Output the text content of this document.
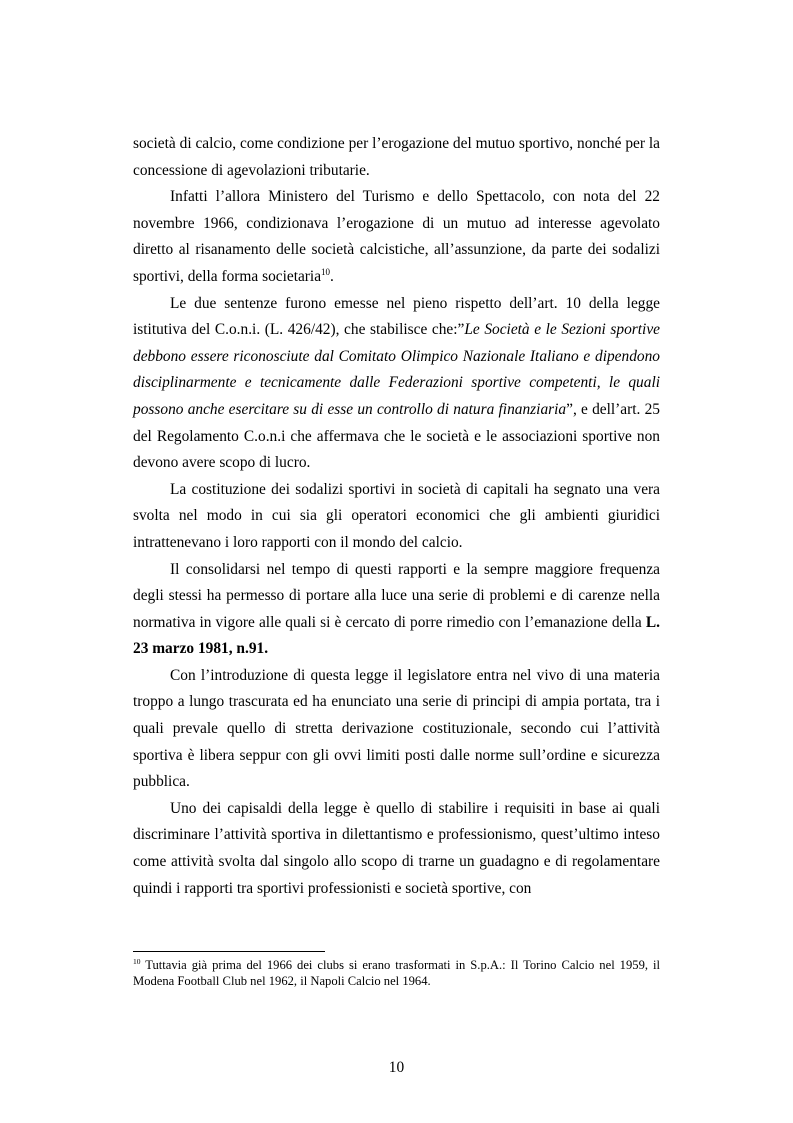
società di calcio, come condizione per l’erogazione del mutuo sportivo, nonché per la concessione di agevolazioni tributarie.

Infatti l’allora Ministero del Turismo e dello Spettacolo, con nota del 22 novembre 1966, condizionava l’erogazione di un mutuo ad interesse agevolato diretto al risanamento delle società calcistiche, all’assunzione, da parte dei sodalizi sportivi, della forma societaria$^{10}$.

Le due sentenze furono emesse nel pieno rispetto dell’art. 10 della legge istitutiva del C.o.n.i. (L. 426/42), che stabilisce che:”Le Società e le Sezioni sportive debbono essere riconosciute dal Comitato Olimpico Nazionale Italiano e dipendono disciplinarmente e tecnicamente dalle Federazioni sportive competenti, le quali possono anche esercitare su di esse un controllo di natura finanziaria”, e dell’art. 25 del Regolamento C.o.n.i che affermava che le società e le associazioni sportive non devono avere scopo di lucro.

La costituzione dei sodalizi sportivi in società di capitali ha segnato una vera svolta nel modo in cui sia gli operatori economici che gli ambienti giuridici intrattenevano i loro rapporti con il mondo del calcio.

Il consolidarsi nel tempo di questi rapporti e la sempre maggiore frequenza degli stessi ha permesso di portare alla luce una serie di problemi e di carenze nella normativa in vigore alle quali si è cercato di porre rimedio con l’emanazione della L. 23 marzo 1981, n.91.

Con l’introduzione di questa legge il legislatore entra nel vivo di una materia troppo a lungo trascurata ed ha enunciato una serie di principi di ampia portata, tra i quali prevale quello di stretta derivazione costituzionale, secondo cui l’attività sportiva è libera seppur con gli ovvi limiti posti dalle norme sull’ordine e sicurezza pubblica.

Uno dei capisaldi della legge è quello di stabilire i requisiti in base ai quali discriminare l’attività sportiva in dilettantismo e professionismo, quest’ultimo inteso come attività svolta dal singolo allo scopo di trarne un guadagno e di regolamentare quindi i rapporti tra sportivi professionisti e società sportive, con

$^{10}$ Tuttavia già prima del 1966 dei clubs si erano trasformati in S.p.A.: Il Torino Calcio nel 1959, il Modena Football Club nel 1962, il Napoli Calcio nel 1964.
10
